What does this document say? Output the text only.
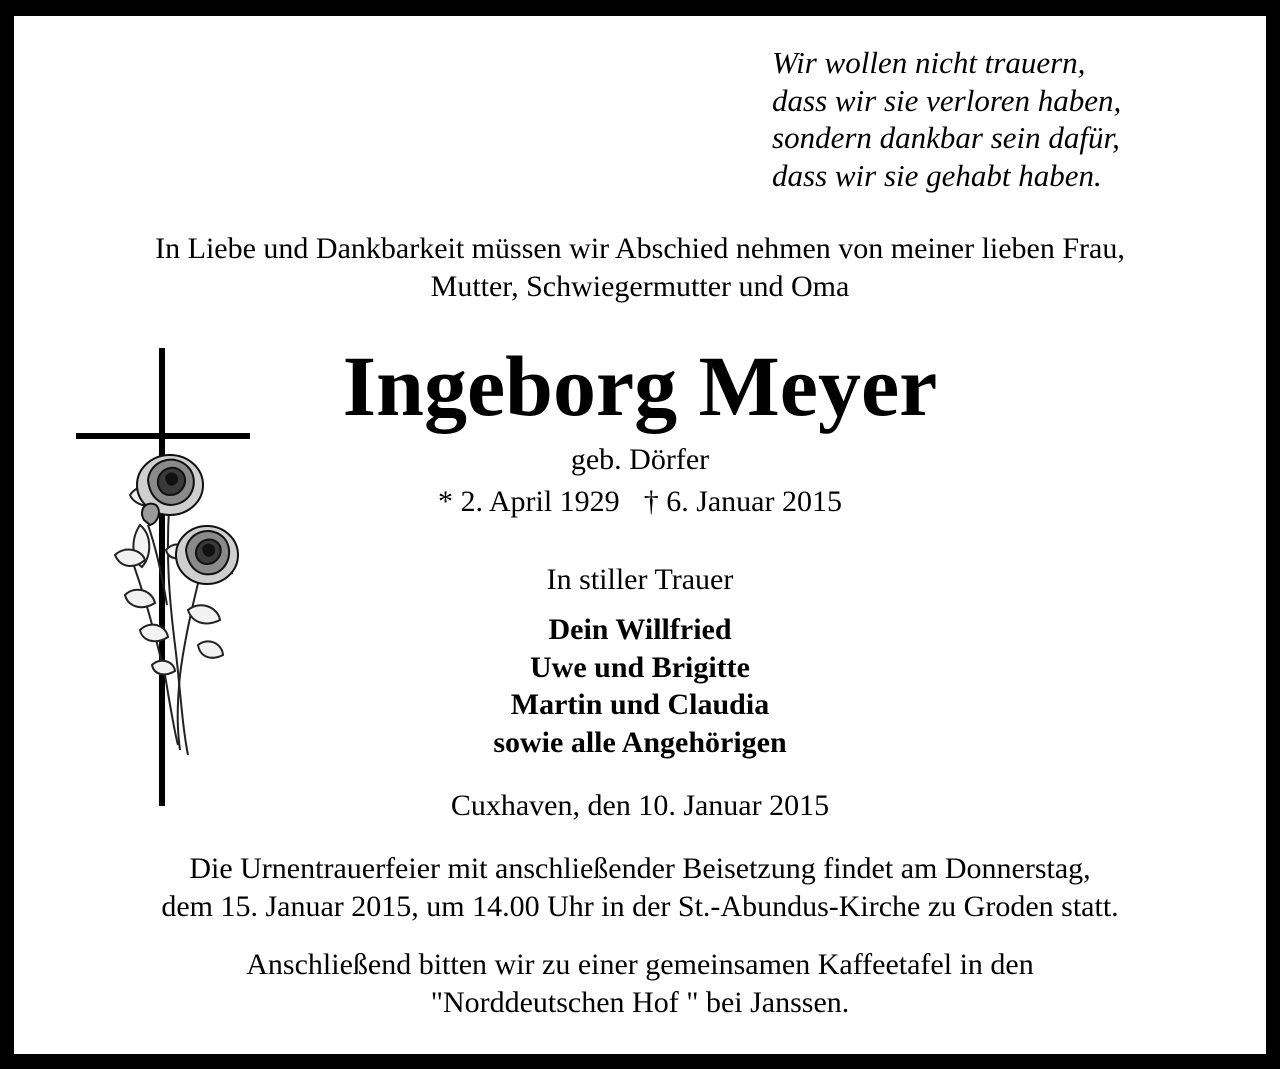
Wir wollen nicht trauern,
dass wir sie verloren haben,
sondern dankbar sein dafür,
dass wir sie gehabt haben.
In Liebe und Dankbarkeit müssen wir Abschied nehmen von meiner lieben Frau,
Mutter, Schwiegermutter und Oma
Ingeborg Meyer
geb. Dörfer
* 2. April 1929 † 6. Januar 2015
In stiller Trauer
Dein Willfried
Uwe und Brigitte
Martin und Claudia
sowie alle Angehörigen
Cuxhaven, den 10. Januar 2015
Die Urnentrauerfeier mit anschließender Beisetzung findet am Donnerstag,
dem 15. Januar 2015, um 14.00 Uhr in der St.-Abundus-Kirche zu Groden statt.
Anschließend bitten wir zu einer gemeinsamen Kaffeetafel in den
"Norddeutschen Hof " bei Janssen.
